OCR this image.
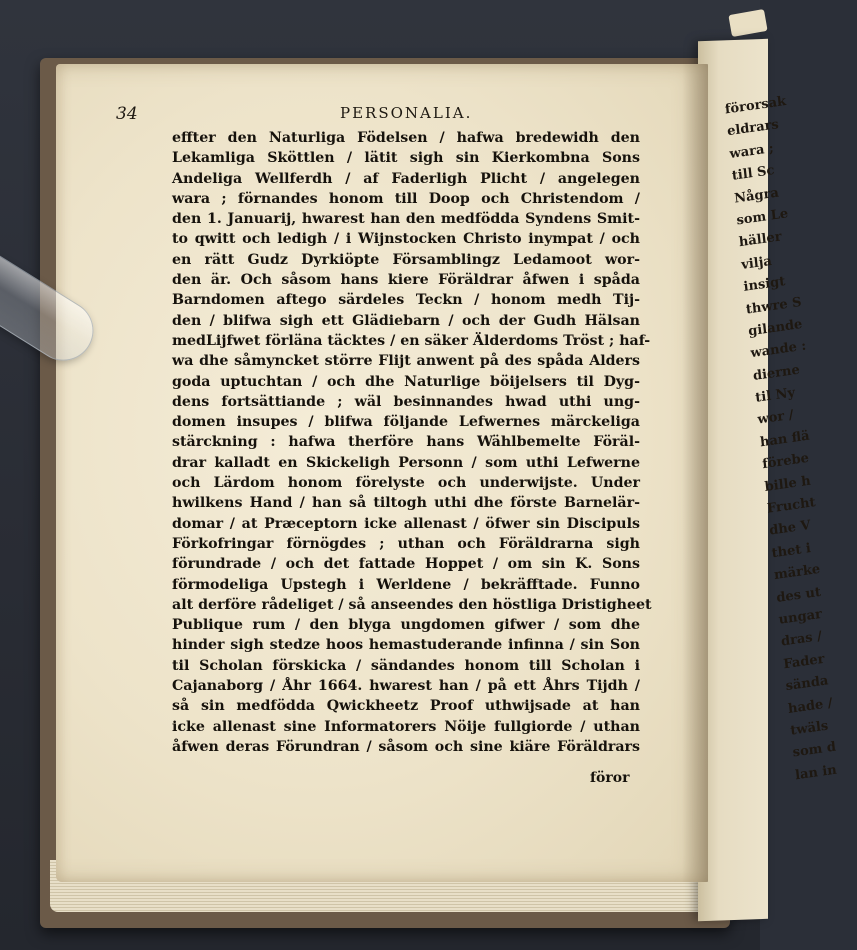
förorsak
eldrars
wara ;
till Sc
Några
som Le
häller
vilja
insigt
thwre S
gilande
wande :
dierne
til Ny
wor /
han flä
förebe
bille h
Frucht
dhe V
thet i
märke
des ut
ungar
dras /
Fader
sända
hade /
twäls
som d
lan in
34	PERSONALIA.
effter den Naturliga Födelsen / hafwa bredewidh den
Lekamliga Sköttlen / lätit sigh sin Kierkombna Sons
Andeliga Wellferdh / af Faderligh Plicht / angelegen
wara ; förnandes honom till Doop och Christendom /
den 1. Januarij, hwarest han den medfödda Syndens Smit-
to qwitt och ledigh / i Wijnstocken Christo inympat / och
en rätt Gudz Dyrkiöpte Församblingz Ledamoot wor-
den är. Och såsom hans kiere Föräldrar åfwen i spåda
Barndomen aftego särdeles Teckn / honom medh Tij-
den / blifwa sigh ett Glädiebarn / och der Gudh Hälsan
medLijfwet förläna täcktes / en säker Älderdoms Tröst ; haf-
wa dhe såmyncket större Flijt anwent på des spåda Alders
goda uptuchtan / och dhe Naturlige böijelsers til Dyg-
dens fortsättiande ; wäl besinnandes hwad uthi ung-
domen insupes / blifwa följande Lefwernes märckeliga
stärckning : hafwa therföre hans Wählbemelte Föräl-
drar kalladt en Skickeligh Personn / som uthi Lefwerne
och Lärdom honom förelyste och underwijste. Under
hwilkens Hand / han så tiltogh uthi dhe förste Barnelär-
domar / at Præceptorn icke allenast / öfwer sin Discipuls
Förkofringar förnögdes ; uthan och Föräldrarna sigh
förundrade / och det fattade Hoppet / om sin K. Sons
förmodeliga Upstegh i Werldene / bekräfftade. Funno
alt derföre rådeliget / så anseendes den höstliga Dristigheet
Publique rum / den blyga ungdomen gifwer / som dhe
hinder sigh stedze hoos hemastuderande infinna / sin Son
til Scholan förskicka / sändandes honom till Scholan i
Cajanaborg / Åhr 1664. hwarest han / på ett Åhrs Tijdh /
så sin medfödda Qwickheetz Proof uthwijsade at han
icke allenast sine Informatorers Nöije fullgiorde / uthan
åfwen deras Förundran / såsom och sine kiäre Föräldrars
föror
